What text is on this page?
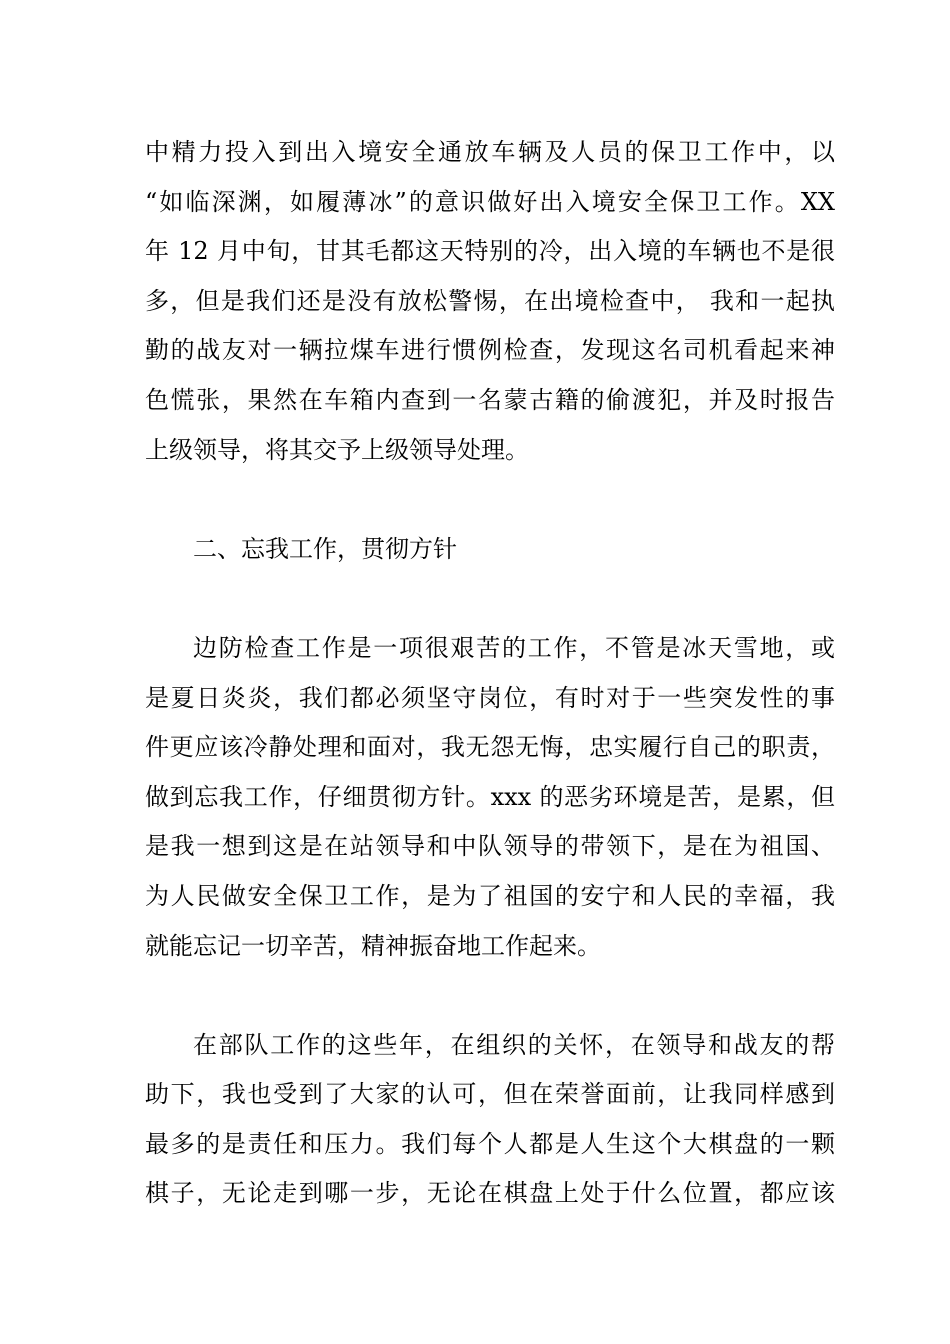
中精力投入到出入境安全通放车辆及人员的保卫工作中，以
“如临深渊，如履薄冰”的意识做好出入境安全保卫工作。XX
年 12 月中旬，甘其毛都这天特别的冷，出入境的车辆也不是很
多，但是我们还是没有放松警惕，在出境检查中， 我和一起执
勤的战友对一辆拉煤车进行惯例检查，发现这名司机看起来神
色慌张，果然在车箱内查到一名蒙古籍的偷渡犯，并及时报告
上级领导，将其交予上级领导处理。
二、忘我工作，贯彻方针
边防检查工作是一项很艰苦的工作，不管是冰天雪地，或
是夏日炎炎，我们都必须坚守岗位，有时对于一些突发性的事
件更应该冷静处理和面对，我无怨无悔，忠实履行自己的职责，
做到忘我工作，仔细贯彻方针。xxx 的恶劣环境是苦，是累，但
是我一想到这是在站领导和中队领导的带领下，是在为祖国、
为人民做安全保卫工作，是为了祖国的安宁和人民的幸福，我
就能忘记一切辛苦，精神振奋地工作起来。
在部队工作的这些年，在组织的关怀，在领导和战友的帮
助下，我也受到了大家的认可，但在荣誉面前，让我同样感到
最多的是责任和压力。我们每个人都是人生这个大棋盘的一颗
棋子，无论走到哪一步，无论在棋盘上处于什么位置，都应该
